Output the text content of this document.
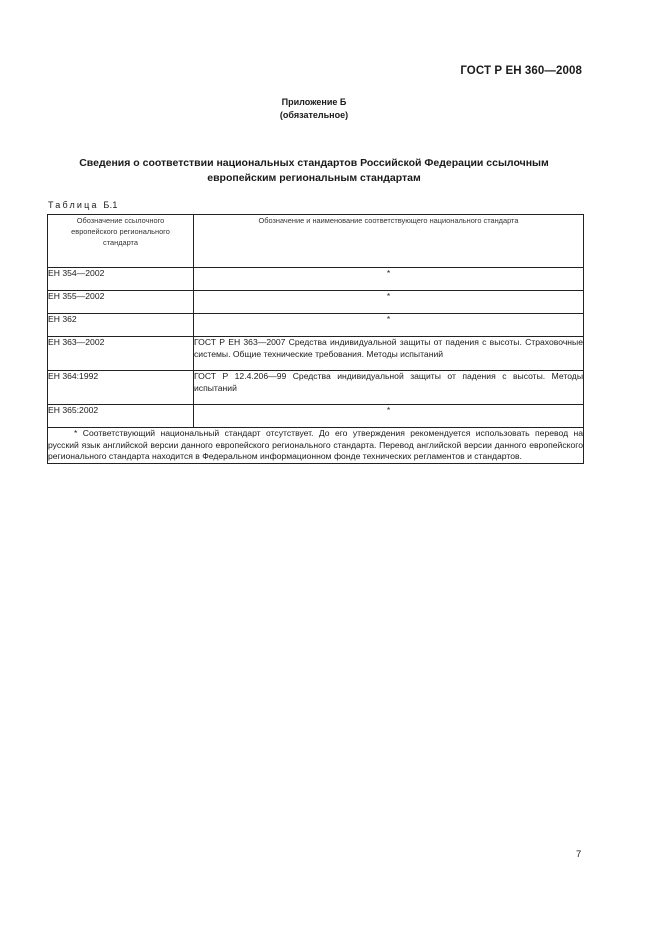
ГОСТ Р ЕН 360—2008
Приложение Б
(обязательное)
Сведения о соответствии национальных стандартов Российской Федерации ссылочным
европейским региональным стандартам
Таблица Б.1
Обозначение ссылочного европейского регионального стандарта	Обозначение и наименование соответствующего национального стандарта

ЕН 354—2002	*
ЕН 355—2002	*
ЕН 362	*
ЕН 363—2002	ГОСТ Р ЕН 363—2007 Средства индивидуальной защиты от падения с высоты. Страховочные системы. Общие технические требования. Методы испытаний
ЕН 364:1992	ГОСТ Р 12.4.206—99 Средства индивидуальной защиты от падения с высоты. Методы испытаний
ЕН 365:2002	*
* Соответствующий национальный стандарт отсутствует. До его утверждения рекомендуется использовать перевод на русский язык английской версии данного европейского регионального стандарта. Перевод английской версии данного европейского регионального стандарта находится в Федеральном информационном фонде технических регламентов и стандартов.	
7
